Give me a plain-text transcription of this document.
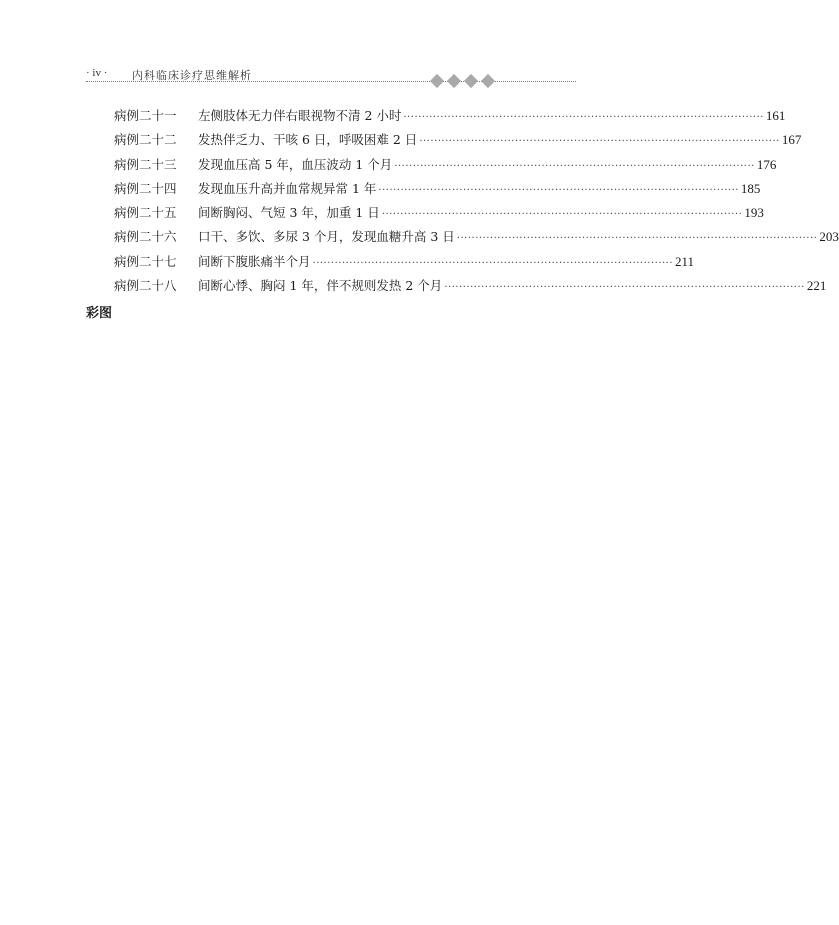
· iv · 内科临床诊疗思维解析
病例二十一	左侧肢体无力伴右眼视物不清 2 小时 ·································································································· 161
病例二十二	发热伴乏力、干咳 6 日，呼吸困难 2 日 ·································································································· 167
病例二十三	发现血压高 5 年，血压波动 1 个月 ·································································································· 176
病例二十四	发现血压升高并血常规异常 1 年 ·································································································· 185
病例二十五	间断胸闷、气短 3 年，加重 1 日 ·································································································· 193
病例二十六	口干、多饮、多尿 3 个月，发现血糖升高 3 日 ·································································································· 203
病例二十七	间断下腹胀痛半个月 ·································································································· 211
病例二十八	间断心悸、胸闷 1 年，伴不规则发热 2 个月 ·································································································· 221
彩图
